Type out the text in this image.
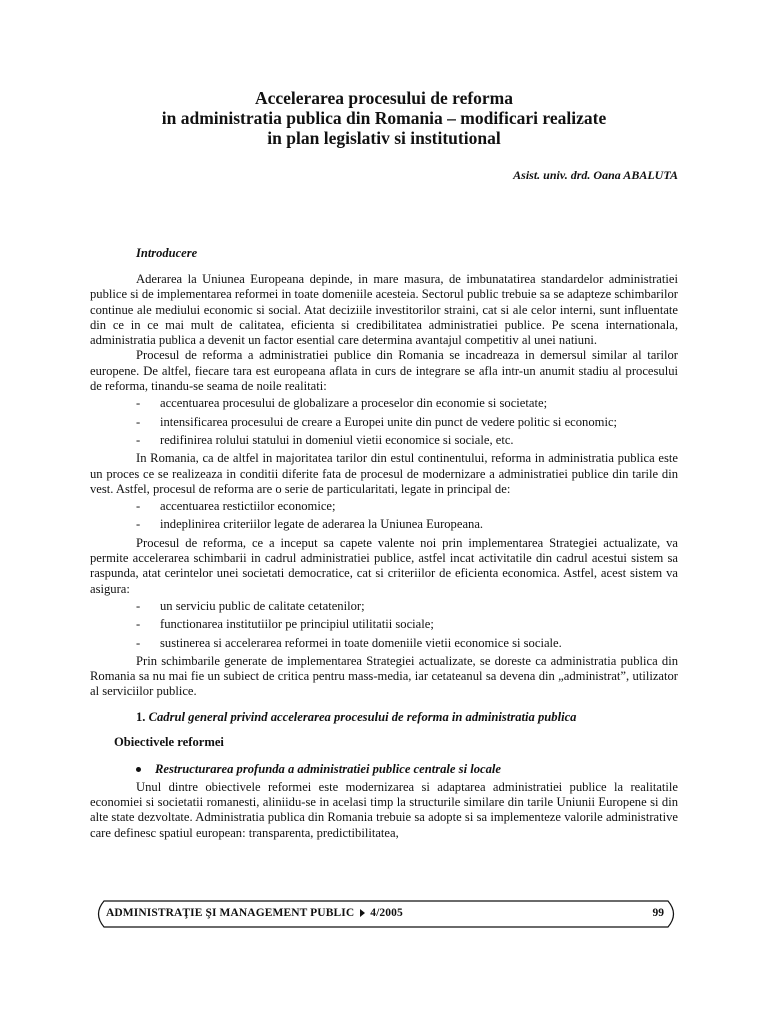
Accelerarea procesului de reforma
in administratia publica din Romania – modificari realizate
in plan legislativ si institutional
Asist. univ. drd. Oana ABALUTA
Introducere

Aderarea la Uniunea Europeana depinde, in mare masura, de imbunatatirea standardelor administratiei publice si de implementarea reformei in toate domeniile acesteia. Sectorul public trebuie sa se adapteze schimbarilor continue ale mediului economic si social. Atat deciziile investitorilor straini, cat si ale celor interni, sunt influentate din ce in ce mai mult de calitatea, eficienta si credibilitatea administratiei publice. Pe scena internationala, administratia publica a devenit un factor esential care determina avantajul competitiv al unei natiuni.

Procesul de reforma a administratiei publice din Romania se incadreaza in demersul similar al tarilor europene. De altfel, fiecare tara est europeana aflata in curs de integrare se afla intr-un anumit stadiu al procesului de reforma, tinandu-se seama de noile realitati:

- accentuarea procesului de globalizare a proceselor din economie si societate;
- intensificarea procesului de creare a Europei unite din punct de vedere politic si economic;
- redifinirea rolului statului in domeniul vietii economice si sociale, etc.

In Romania, ca de altfel in majoritatea tarilor din estul continentului, reforma in administratia publica este un proces ce se realizeaza in conditii diferite fata de procesul de modernizare a administratiei publice din tarile din vest. Astfel, procesul de reforma are o serie de particularitati, legate in principal de:

- accentuarea restictiilor economice;
- indeplinirea criteriilor legate de aderarea la Uniunea Europeana.

Procesul de reforma, ce a inceput sa capete valente noi prin implementarea Strategiei actualizate, va permite accelerarea schimbarii in cadrul administratiei publice, astfel incat activitatile din cadrul acestui sistem sa raspunda, atat cerintelor unei societati democratice, cat si criteriilor de eficienta economica. Astfel, acest sistem va asigura:

- un serviciu public de calitate cetatenilor;
- functionarea institutiilor pe principiul utilitatii sociale;
- sustinerea si accelerarea reformei in toate domeniile vietii economice si sociale.

Prin schimbarile generate de implementarea Strategiei actualizate, se doreste ca administratia publica din Romania sa nu mai fie un subiect de critica pentru mass-media, iar cetateanul sa devena din „administrat”, utilizator al serviciilor publice.

1. Cadrul general privind accelerarea procesului de reforma in administratia publica
Obiectivele reformei
Restructurarea profunda a administratiei publice centrale si locale

Unul dintre obiectivele reformei este modernizarea si adaptarea administratiei publice la realitatile economiei si societatii romanesti, aliniidu-se in acelasi timp la structurile similare din tarile Uniunii Europene si din alte state dezvoltate. Administratia publica din Romania trebuie sa adopte si sa implementeze valorile administrative care definesc spatiul european: transparenta, predictibilitatea,

ADMINISTRAŢIE ŞI MANAGEMENT PUBLIC 4/2005	99
